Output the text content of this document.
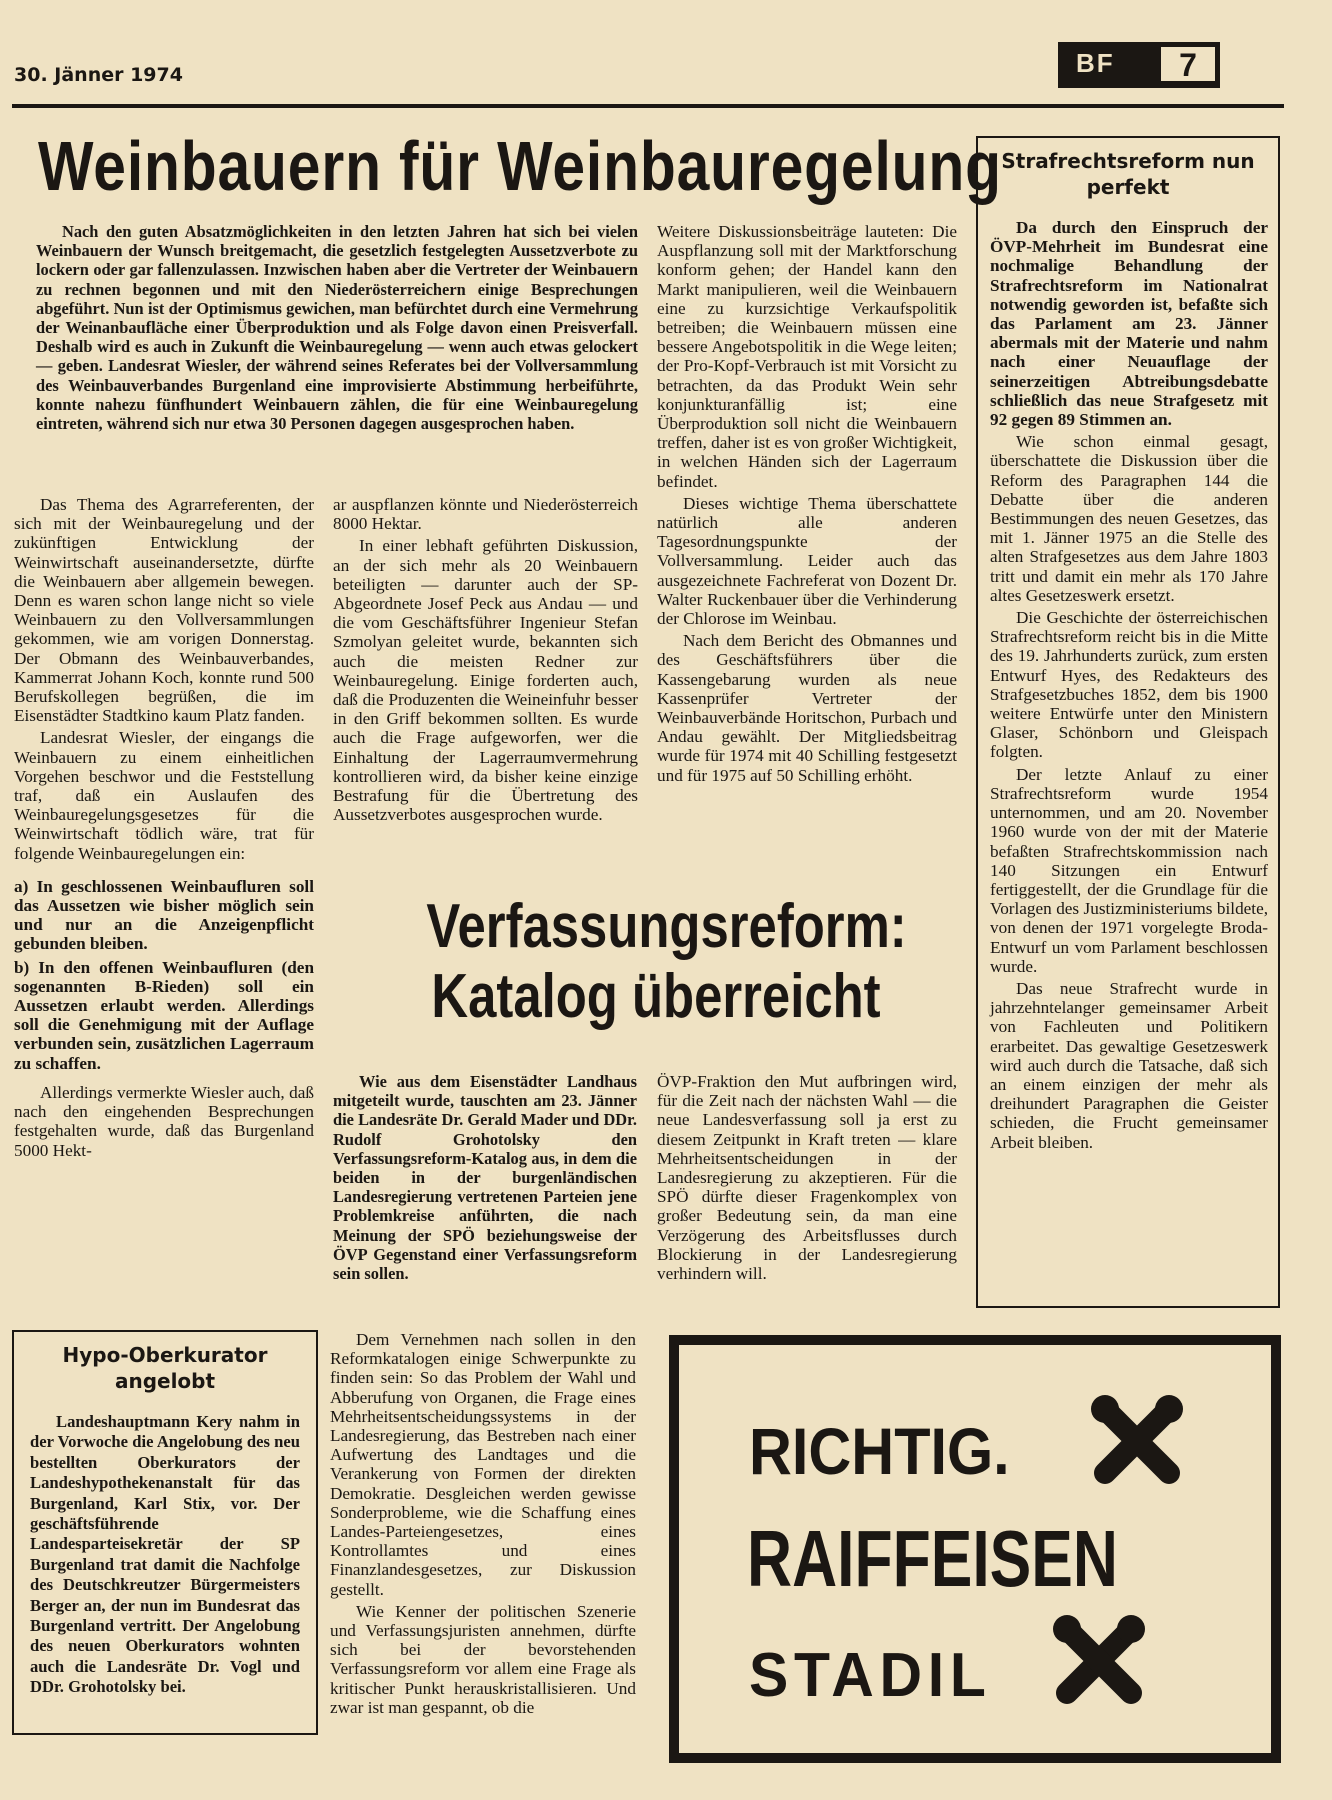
30. Jänner 1974	BF	7
Weinbauern für Weinbauregelung

Nach den guten Absatzmöglichkeiten in den letzten Jahren hat sich bei vielen Weinbauern der Wunsch breitgemacht, die gesetzlich festgelegten Aussetzverbote zu lockern oder gar fallenzulassen. Inzwischen haben aber die Vertreter der Weinbauern zu rechnen begonnen und mit den Niederösterreichern einige Besprechungen abgeführt. Nun ist der Optimismus gewichen, man befürchtet durch eine Vermehrung der Weinanbaufläche einer Überproduktion und als Folge davon einen Preisverfall. Deshalb wird es auch in Zukunft die Weinbauregelung — wenn auch etwas gelockert — geben. Landesrat Wiesler, der während seines Referates bei der Vollversammlung des Weinbauverbandes Burgenland eine improvisierte Abstimmung herbeiführte, konnte nahezu fünfhundert Weinbauern zählen, die für eine Weinbauregelung eintreten, während sich nur etwa 30 Personen dagegen ausgesprochen haben.

Das Thema des Agrarreferenten, der sich mit der Weinbauregelung und der zukünftigen Entwicklung der Weinwirtschaft auseinandersetzte, dürfte die Weinbauern aber allgemein bewegen. Denn es waren schon lange nicht so viele Weinbauern zu den Vollversammlungen gekommen, wie am vorigen Donnerstag. Der Obmann des Weinbauverbandes, Kammerrat Johann Koch, konnte rund 500 Berufskollegen begrüßen, die im Eisenstädter Stadtkino kaum Platz fanden.

Landesrat Wiesler, der eingangs die Weinbauern zu einem einheitlichen Vorgehen beschwor und die Feststellung traf, daß ein Auslaufen des Weinbauregelungsgesetzes für die Weinwirtschaft tödlich wäre, trat für folgende Weinbauregelungen ein:

a) In geschlossenen Weinbaufluren soll das Aussetzen wie bisher möglich sein und nur an die Anzeigenpflicht gebunden bleiben.

b) In den offenen Weinbaufluren (den sogenannten B-Rieden) soll ein Aussetzen erlaubt werden. Allerdings soll die Genehmigung mit der Auflage verbunden sein, zusätzlichen Lagerraum zu schaffen.

Allerdings vermerkte Wiesler auch, daß nach den eingehenden Besprechungen festgehalten wurde, daß das Burgenland 5000 Hekt-

ar auspflanzen könnte und Niederösterreich 8000 Hektar.

In einer lebhaft geführten Diskussion, an der sich mehr als 20 Weinbauern beteiligten — darunter auch der SP-Abgeordnete Josef Peck aus Andau — und die vom Geschäftsführer Ingenieur Stefan Szmolyan geleitet wurde, bekannten sich auch die meisten Redner zur Weinbauregelung. Einige forderten auch, daß die Produzenten die Weineinfuhr besser in den Griff bekommen sollten. Es wurde auch die Frage aufgeworfen, wer die Einhaltung der Lagerraumvermehrung kontrollieren wird, da bisher keine einzige Bestrafung für die Übertretung des Aussetzverbotes ausgesprochen wurde.

Weitere Diskussionsbeiträge lauteten: Die Auspflanzung soll mit der Marktforschung konform gehen; der Handel kann den Markt manipulieren, weil die Weinbauern eine zu kurzsichtige Verkaufspolitik betreiben; die Weinbauern müssen eine bessere Angebotspolitik in die Wege leiten; der Pro-Kopf-Verbrauch ist mit Vorsicht zu betrachten, da das Produkt Wein sehr konjunkturanfällig ist; eine Überproduktion soll nicht die Weinbauern treffen, daher ist es von großer Wichtigkeit, in welchen Händen sich der Lagerraum befindet.

Dieses wichtige Thema überschattete natürlich alle anderen Tagesordnungspunkte der Vollversammlung. Leider auch das ausgezeichnete Fachreferat von Dozent Dr. Walter Ruckenbauer über die Verhinderung der Chlorose im Weinbau.

Nach dem Bericht des Obmannes und des Geschäftsführers über die Kassengebarung wurden als neue Kassenprüfer Vertreter der Weinbauverbände Horitschon, Purbach und Andau gewählt. Der Mitgliedsbeitrag wurde für 1974 mit 40 Schilling festgesetzt und für 1975 auf 50 Schilling erhöht.

Verfassungsreform:
Katalog überreicht

Wie aus dem Eisenstädter Landhaus mitgeteilt wurde, tauschten am 23. Jänner die Landesräte Dr. Gerald Mader und DDr. Rudolf Grohotolsky den Verfassungsreform-Katalog aus, in dem die beiden in der burgenländischen Landesregierung vertretenen Parteien jene Problemkreise anführten, die nach Meinung der SPÖ beziehungsweise der ÖVP Gegenstand einer Verfassungsreform sein sollen.

ÖVP-Fraktion den Mut aufbringen wird, für die Zeit nach der nächsten Wahl — die neue Landesverfassung soll ja erst zu diesem Zeitpunkt in Kraft treten — klare Mehrheitsentscheidungen in der Landesregierung zu akzeptieren. Für die SPÖ dürfte dieser Fragenkomplex von großer Bedeutung sein, da man eine Verzögerung des Arbeitsflusses durch Blockierung in der Landesregierung verhindern will.

Dem Vernehmen nach sollen in den Reformkatalogen einige Schwerpunkte zu finden sein: So das Problem der Wahl und Abberufung von Organen, die Frage eines Mehrheitsentscheidungssystems in der Landesregierung, das Bestreben nach einer Aufwertung des Landtages und die Verankerung von Formen der direkten Demokratie. Desgleichen werden gewisse Sonderprobleme, wie die Schaffung eines Landes-Parteiengesetzes, eines Kontrollamtes und eines Finanzlandesgesetzes, zur Diskussion gestellt.

Wie Kenner der politischen Szenerie und Verfassungsjuristen annehmen, dürfte sich bei der bevorstehenden Verfassungsreform vor allem eine Frage als kritischer Punkt herauskristallisieren. Und zwar ist man gespannt, ob die

Strafrechtsreform nun perfekt

Da durch den Einspruch der ÖVP-Mehrheit im Bundesrat eine nochmalige Behandlung der Strafrechtsreform im Nationalrat notwendig geworden ist, befaßte sich das Parlament am 23. Jänner abermals mit der Materie und nahm nach einer Neuauflage der seinerzeitigen Abtreibungsdebatte schließlich das neue Strafgesetz mit 92 gegen 89 Stimmen an.

Wie schon einmal gesagt, überschattete die Diskussion über die Reform des Paragraphen 144 die Debatte über die anderen Bestimmungen des neuen Gesetzes, das mit 1. Jänner 1975 an die Stelle des alten Strafgesetzes aus dem Jahre 1803 tritt und damit ein mehr als 170 Jahre altes Gesetzeswerk ersetzt.

Die Geschichte der österreichischen Strafrechtsreform reicht bis in die Mitte des 19. Jahrhunderts zurück, zum ersten Entwurf Hyes, des Redakteurs des Strafgesetzbuches 1852, dem bis 1900 weitere Entwürfe unter den Ministern Glaser, Schönborn und Gleispach folgten.

Der letzte Anlauf zu einer Strafrechtsreform wurde 1954 unternommen, und am 20. November 1960 wurde von der mit der Materie befaßten Strafrechtskommission nach 140 Sitzungen ein Entwurf fertiggestellt, der die Grundlage für die Vorlagen des Justizministeriums bildete, von denen der 1971 vorgelegte Broda-Entwurf un vom Parlament beschlossen wurde.

Das neue Strafrecht wurde in jahrzehntelanger gemeinsamer Arbeit von Fachleuten und Politikern erarbeitet. Das gewaltige Gesetzeswerk wird auch durch die Tatsache, daß sich an einem einzigen der mehr als dreihundert Paragraphen die Geister schieden, die Frucht gemeinsamer Arbeit bleiben.

Hypo-Oberkurator angelobt

Landeshauptmann Kery nahm in der Vorwoche die Angelobung des neu bestellten Oberkurators der Landeshypothekenanstalt für das Burgenland, Karl Stix, vor. Der geschäftsführende Landesparteisekretär der SP Burgenland trat damit die Nachfolge des Deutschkreutzer Bürgermeisters Berger an, der nun im Bundesrat das Burgenland vertritt. Der Angelobung des neuen Oberkurators wohnten auch die Landesräte Dr. Vogl und DDr. Grohotolsky bei.

RICHTIG.
RAIFFEISEN
STADIL
